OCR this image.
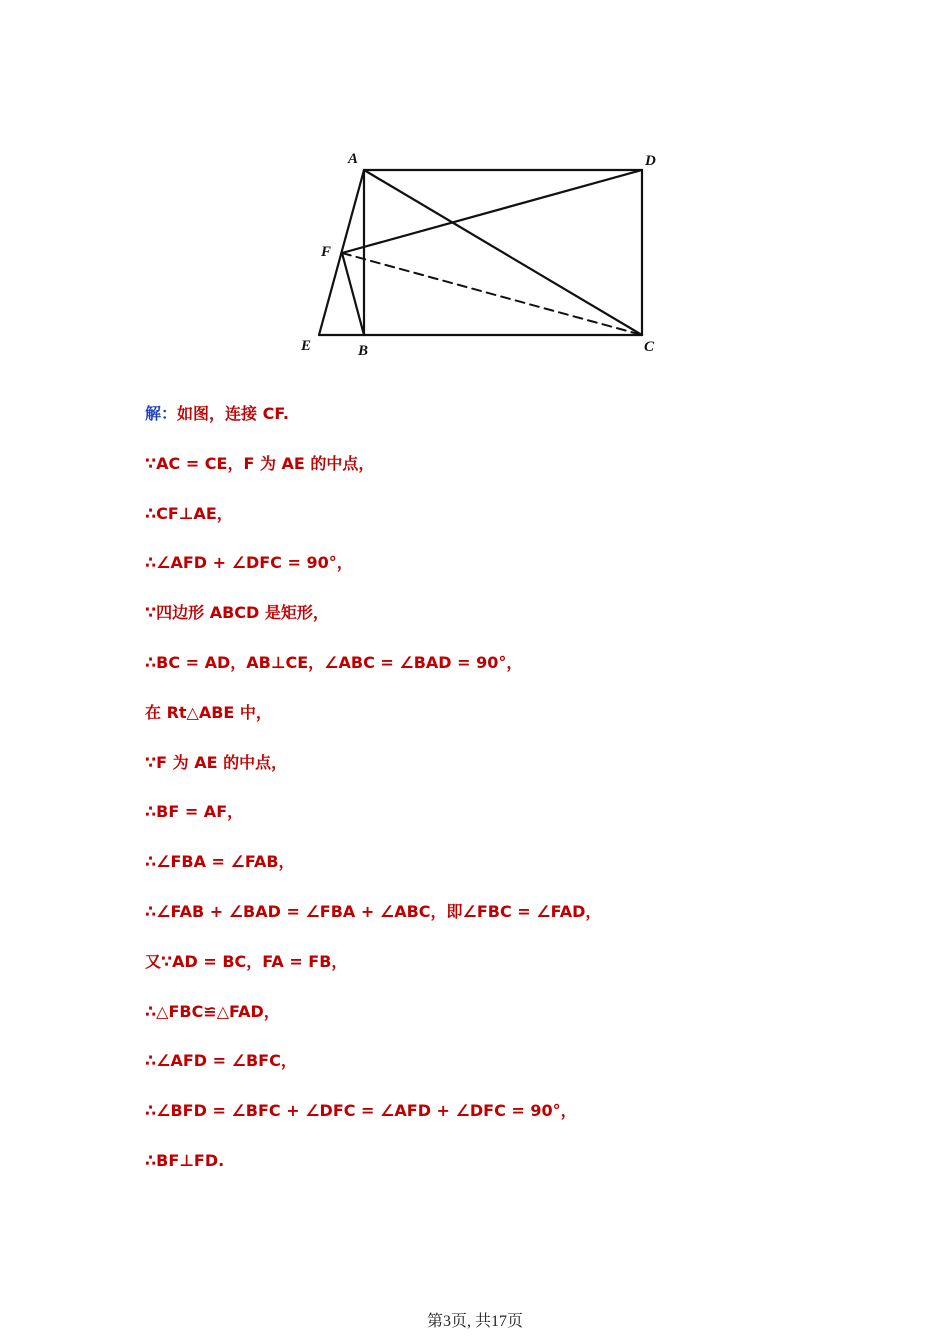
A	D
F
E	B	C
解：如图，连接 CF.
∵AC = CE，F 为 AE 的中点，
∴CF⊥AE，
∴∠AFD + ∠DFC = 90°，
∵四边形 ABCD 是矩形，
∴BC = AD，AB⊥CE，∠ABC = ∠BAD = 90°，
在 Rt△ABE 中，
∵F 为 AE 的中点，
∴BF = AF，
∴∠FBA = ∠FAB，
∴∠FAB + ∠BAD = ∠FBA + ∠ABC，即∠FBC = ∠FAD，
又∵AD = BC，FA = FB，
∴△FBC≌△FAD，
∴∠AFD = ∠BFC，
∴∠BFD = ∠BFC + ∠DFC = ∠AFD + ∠DFC = 90°，
∴BF⊥FD.
第3页, 共17页
